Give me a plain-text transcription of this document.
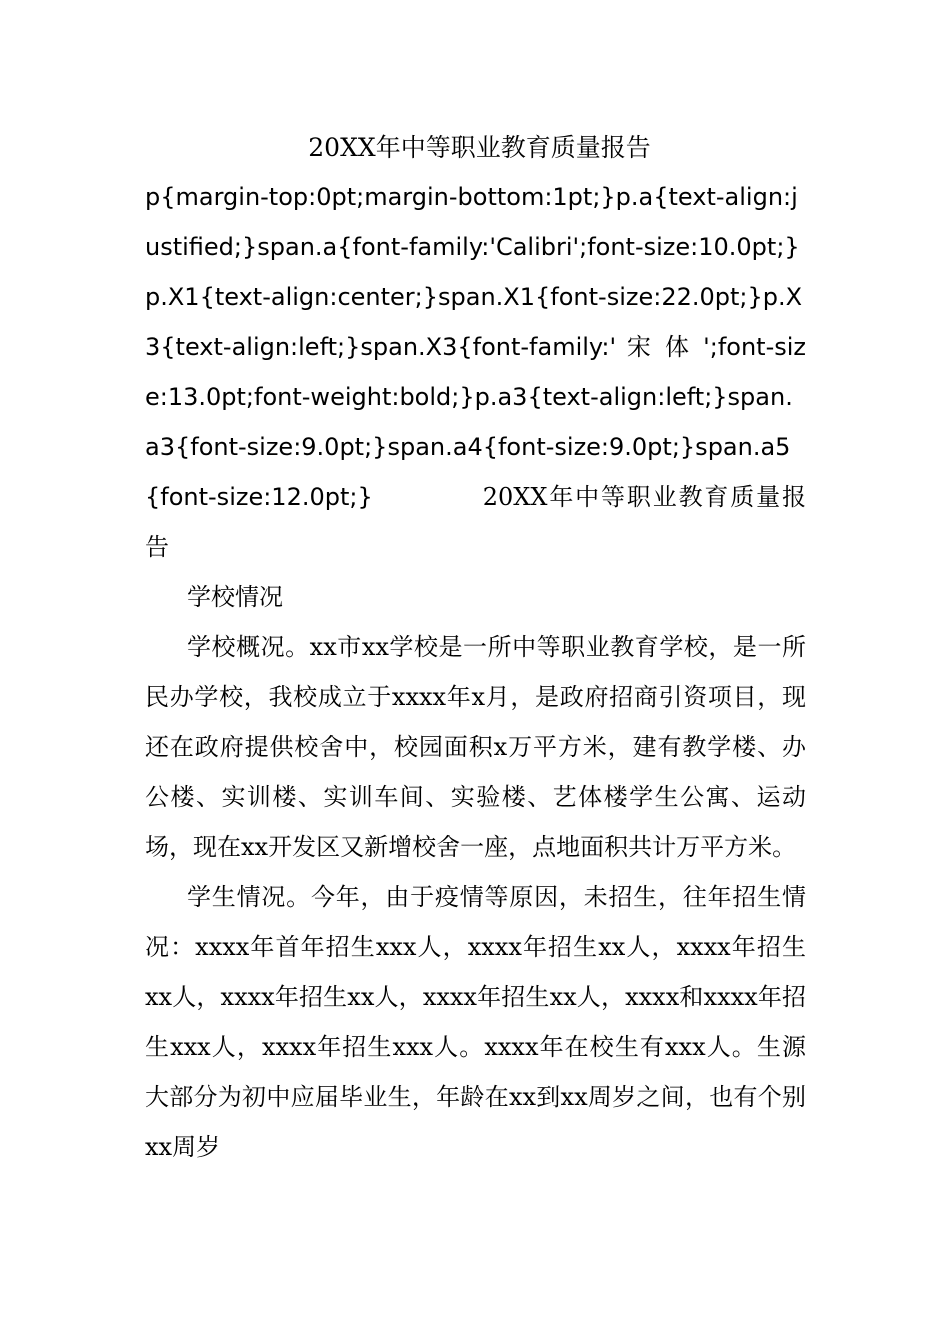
20XX年中等职业教育质量报告

p{margin-top:0pt;margin-bottom:1pt;}p.a{text-align:justified;}span.a{font-family:'Calibri';font-size:10.0pt;}p.X1{text-align:center;}span.X1{font-size:22.0pt;}p.X3{text-align:left;}span.X3{font-family:' 宋 体 ';font-size:13.0pt;font-weight:bold;}p.a3{text-align:left;}span.a3{font-size:9.0pt;}span.a4{font-size:9.0pt;}span.a5{font-size:12.0pt;}	20XX年中等职业教育质量报告

学校情况

学校概况。xx市xx学校是一所中等职业教育学校，是一所民办学校，我校成立于xxxx年x月，是政府招商引资项目，现还在政府提供校舍中，校园面积x万平方米，建有教学楼、办公楼、实训楼、实训车间、实验楼、艺体楼学生公寓、运动场，现在xx开发区又新增校舍一座，点地面积共计万平方米。

学生情况。今年，由于疫情等原因，未招生，往年招生情况：xxxx年首年招生xxx人，xxxx年招生xx人，xxxx年招生xx人，xxxx年招生xx人，xxxx年招生xx人，xxxx和xxxx年招生xxx人，xxxx年招生xxx人。xxxx年在校生有xxx人。生源大部分为初中应届毕业生，年龄在xx到xx周岁之间，也有个别xx周岁
